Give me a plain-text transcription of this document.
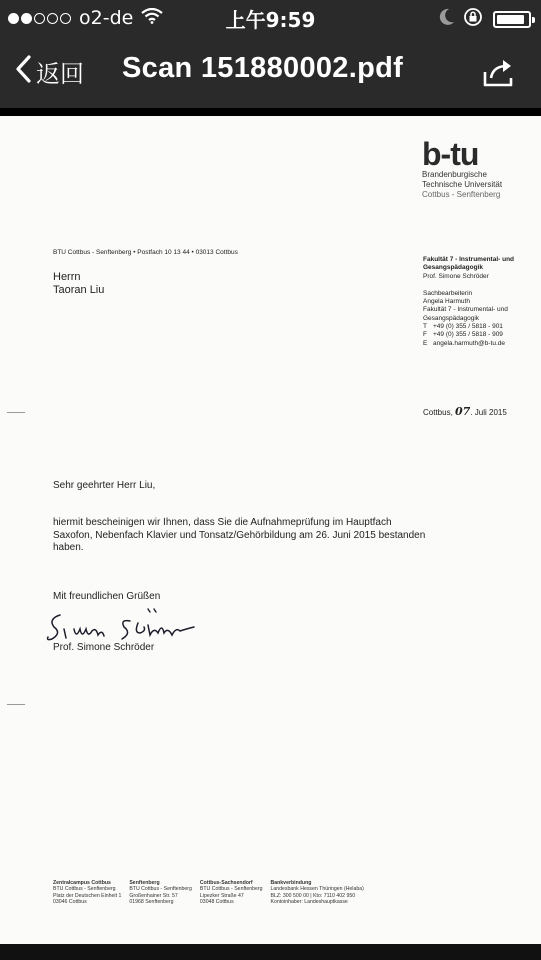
o2-de	上午9:59
返回 Scan 151880002.pdf
b-tu
Brandenburgische
Technische Universität
Cottbus - Senftenberg
BTU Cottbus - Senftenberg • Postfach 10 13 44 • 03013 Cottbus
Herrn
Taoran Liu
Fakultät 7 - Instrumental- und Gesangspädagogik
Prof. Simone Schröder
Sachbearbeiterin
Angela Harmuth
Fakultät 7 - Instrumental- und Gesangspädagogik
T +49 (0) 355 / 5818 - 901
F +49 (0) 355 / 5818 - 909
E angela.harmuth@b-tu.de
Cottbus, 07. Juli 2015
Sehr geehrter Herr Liu,
hiermit bescheinigen wir Ihnen, dass Sie die Aufnahmeprüfung im Hauptfach Saxofon, Nebenfach Klavier und Tonsatz/Gehörbildung am 26. Juni 2015 bestanden haben.
Mit freundlichen Grüßen
Prof. Simone Schröder
Zentralcampus Cottbus
BTU Cottbus - Senftenberg
Platz der Deutschen Einheit 1
03046 Cottbus
Senftenberg
BTU Cottbus - Senftenberg
Großenhainer Str. 57
01968 Senftenberg
Cottbus-Sachsendorf
BTU Cottbus - Senftenberg
Lipezker Straße 47
03048 Cottbus
Bankverbindung
Landesbank Hessen Thüringen (Helaba)
BLZ: 300 500 00 | Kto: 7110 402 950
Kontoinhaber: Landeshauptkasse
